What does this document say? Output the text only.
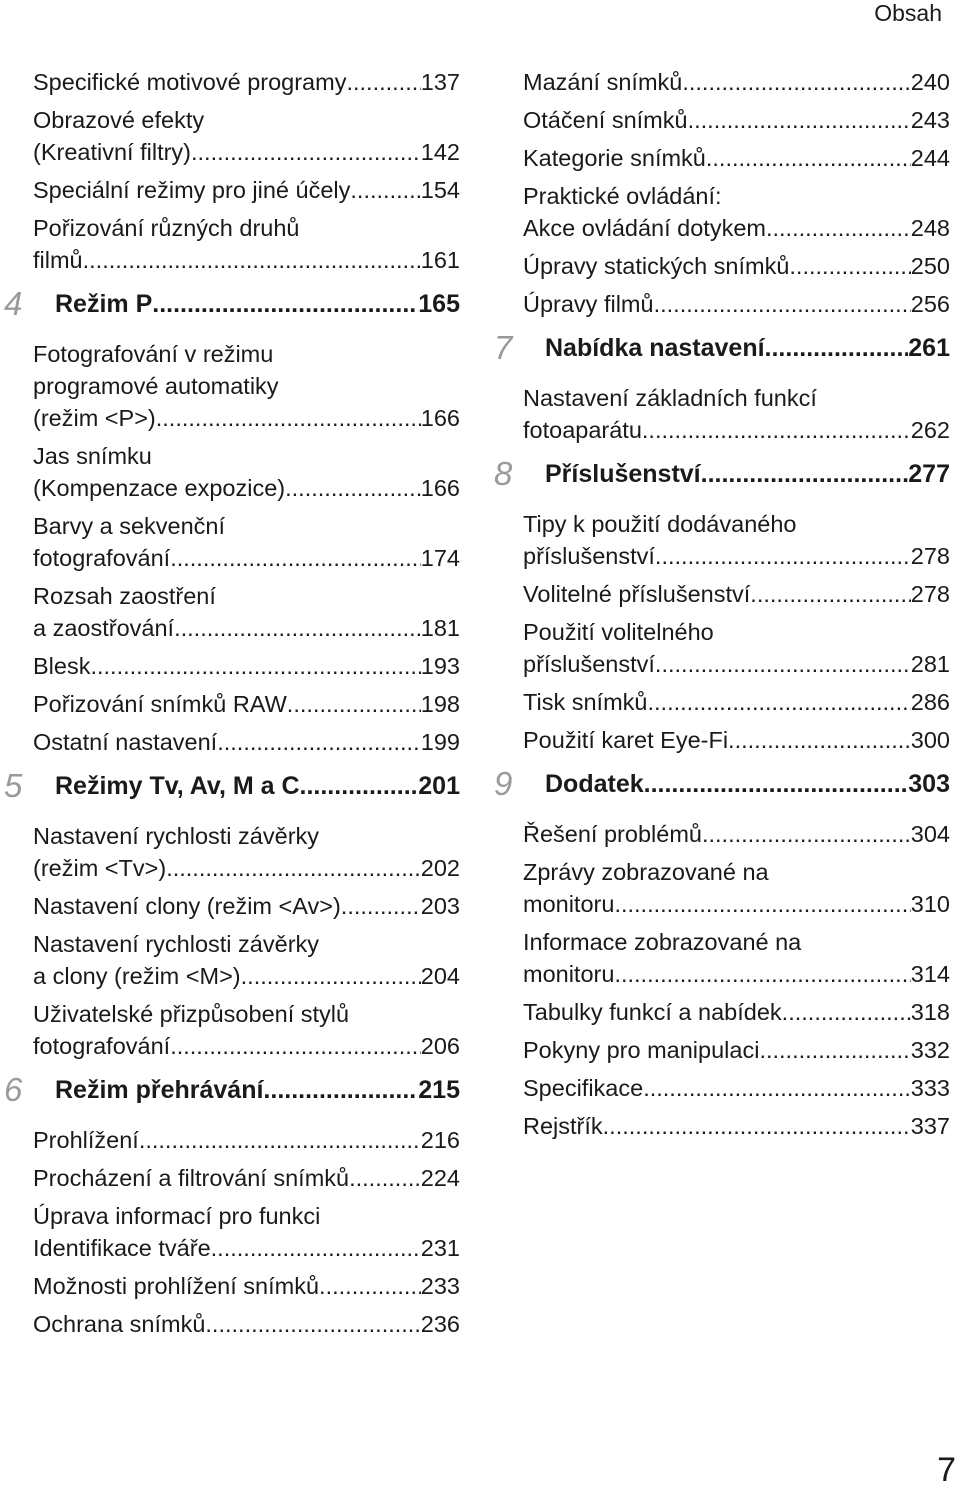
Obsah
Specifické motivové programy .....	137
Obrazové efekty
(Kreativní filtry) .....	142
Speciální režimy pro jiné účely .....	154
Pořizování různých druhů
filmů .....	161
4 Režim P .....	165
Fotografování v režimu
programové automatiky
(režim <P>) .....	166
Jas snímku
(Kompenzace expozice) .....	166
Barvy a sekvenční
fotografování .....	174
Rozsah zaostření
a zaostřování .....	181
Blesk .....	193
Pořizování snímků RAW .....	198
Ostatní nastavení .....	199
5 Režimy Tv, Av, M a C .....	201
Nastavení rychlosti závěrky
(režim <Tv>) .....	202
Nastavení clony (režim <Av>) .....	203
Nastavení rychlosti závěrky
a clony (režim <M>) .....	204
Uživatelské přizpůsobení stylů
fotografování .....	206
6 Režim přehrávání .....	215
Prohlížení .....	216
Procházení a filtrování snímků .....	224
Úprava informací pro funkci
Identifikace tváře .....	231
Možnosti prohlížení snímků .....	233
Ochrana snímků .....	236
Mazání snímků .....	240
Otáčení snímků .....	243
Kategorie snímků .....	244
Praktické ovládání:
Akce ovládání dotykem .....	248
Úpravy statických snímků .....	250
Úpravy filmů .....	256
7 Nabídka nastavení .....	261
Nastavení základních funkcí
fotoaparátu .....	262
8 Příslušenství .....	277
Tipy k použití dodávaného
příslušenství .....	278
Volitelné příslušenství .....	278
Použití volitelného
příslušenství .....	281
Tisk snímků .....	286
Použití karet Eye-Fi .....	300
9 Dodatek .....	303
Řešení problémů .....	304
Zprávy zobrazované na
monitoru .....	310
Informace zobrazované na
monitoru .....	314
Tabulky funkcí a nabídek .....	318
Pokyny pro manipulaci .....	332
Specifikace .....	333
Rejstřík .....	337
7
